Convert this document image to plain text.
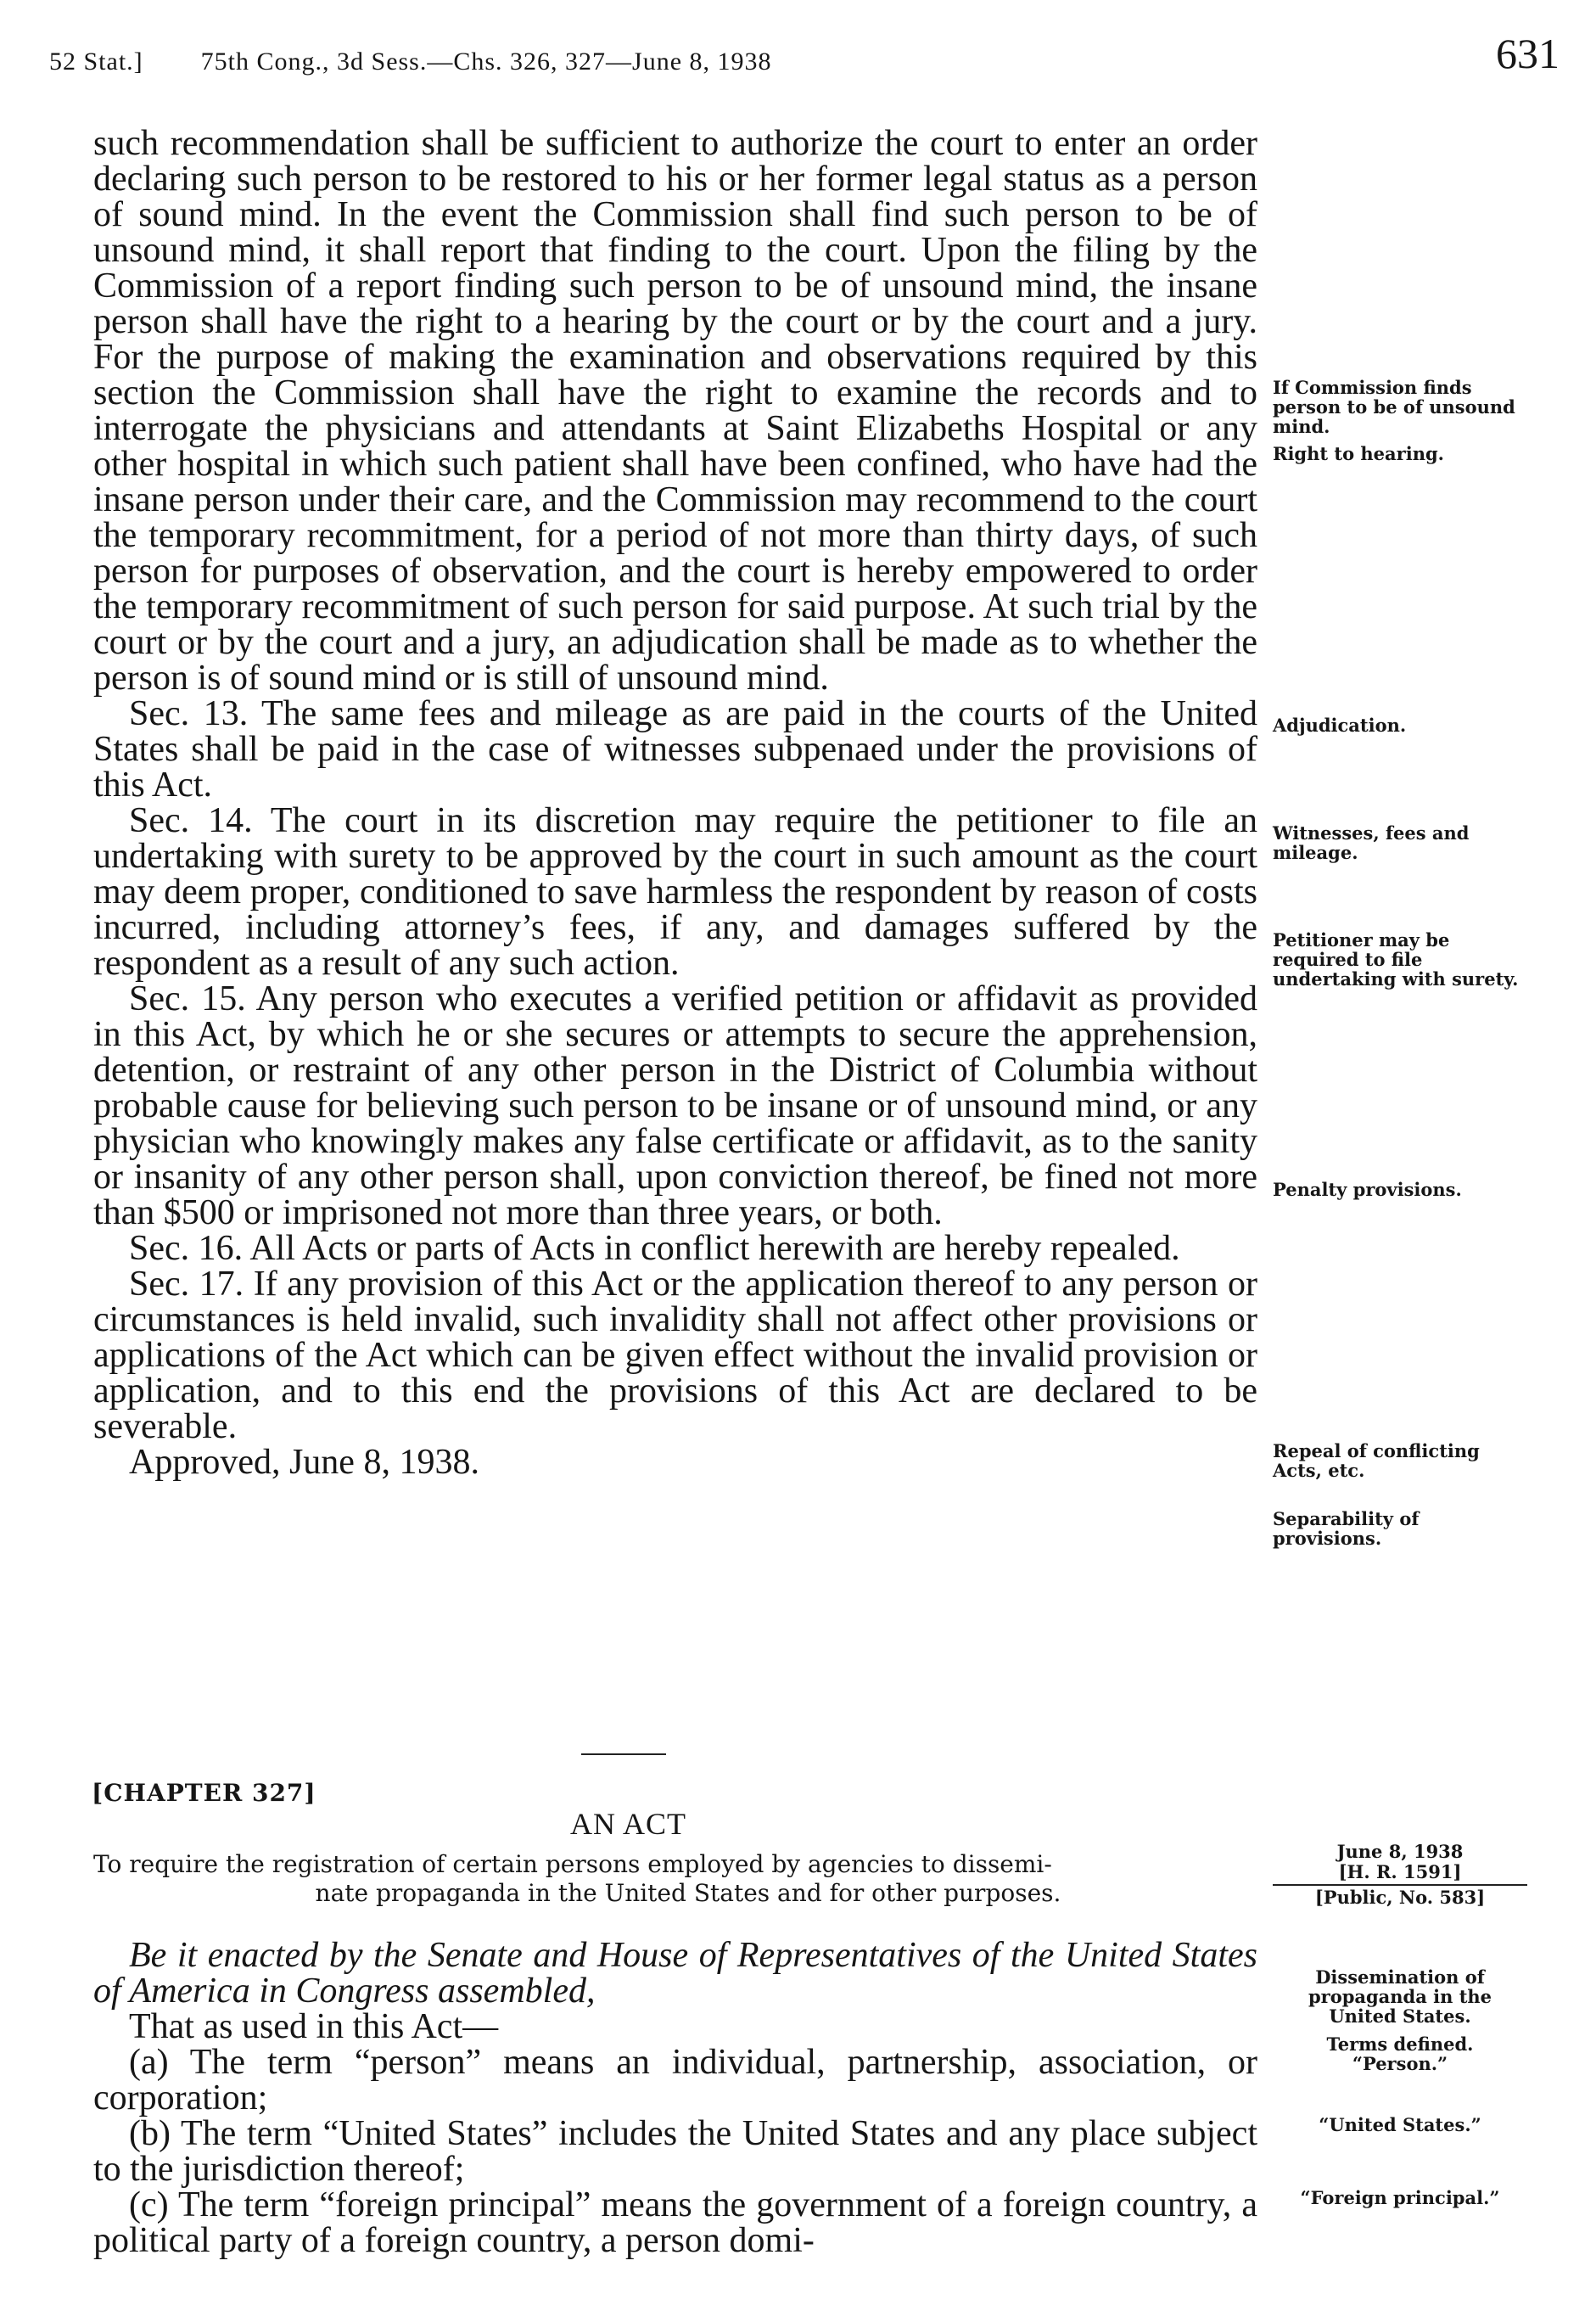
52 Stat.]        75th Cong., 3d Sess.—Chs. 326, 327—June 8, 1938	631

such recommendation shall be sufficient to authorize the court to enter an order declaring such person to be restored to his or her former legal status as a person of sound mind. In the event the Commission shall find such person to be of unsound mind, it shall report that finding to the court. Upon the filing by the Commission of a report finding such person to be of unsound mind, the insane person shall have the right to a hearing by the court or by the court and a jury. For the purpose of making the examination and observations required by this section the Commission shall have the right to examine the records and to interrogate the physicians and attendants at Saint Elizabeths Hospital or any other hospital in which such patient shall have been confined, who have had the insane person under their care, and the Commission may recommend to the court the temporary recommitment, for a period of not more than thirty days, of such person for purposes of observation, and the court is hereby empowered to order the temporary recommitment of such person for said purpose. At such trial by the court or by the court and a jury, an adjudication shall be made as to whether the person is of sound mind or is still of unsound mind.

Sec. 13. The same fees and mileage as are paid in the courts of the United States shall be paid in the case of witnesses subpenaed under the provisions of this Act.

Sec. 14. The court in its discretion may require the petitioner to file an undertaking with surety to be approved by the court in such amount as the court may deem proper, conditioned to save harmless the respondent by reason of costs incurred, including attorney’s fees, if any, and damages suffered by the respondent as a result of any such action.

Sec. 15. Any person who executes a verified petition or affidavit as provided in this Act, by which he or she secures or attempts to secure the apprehension, detention, or restraint of any other person in the District of Columbia without probable cause for believing such person to be insane or of unsound mind, or any physician who knowingly makes any false certificate or affidavit, as to the sanity or insanity of any other person shall, upon conviction thereof, be fined not more than $500 or imprisoned not more than three years, or both.

Sec. 16. All Acts or parts of Acts in conflict herewith are hereby repealed.

Sec. 17. If any provision of this Act or the application thereof to any person or circumstances is held invalid, such invalidity shall not affect other provisions or applications of the Act which can be given effect without the invalid provision or application, and to this end the provisions of this Act are declared to be severable.

Approved, June 8, 1938.

If Commission finds person to be of unsound mind.
Right to hearing.
Adjudication.
Witnesses, fees and mileage.
Petitioner may be required to file undertaking with surety.
Penalty provisions.
Repeal of conflicting Acts, etc.
Separability of provisions.
[CHAPTER 327]
AN ACT
To require the registration of certain persons employed by agencies to dissemi-
nate propaganda in the United States and for other purposes.
June 8, 1938
[H. R. 1591]
[Public, No. 583]

Be it enacted by the Senate and House of Representatives of the United States of America in Congress assembled,

That as used in this Act—

(a) The term “person” means an individual, partnership, association, or corporation;

(b) The term “United States” includes the United States and any place subject to the jurisdiction thereof;

(c) The term “foreign principal” means the government of a foreign country, a political party of a foreign country, a person domi-

Dissemination of propaganda in the United States.
Terms defined.
“Person.”
“United States.”
“Foreign principal.”
